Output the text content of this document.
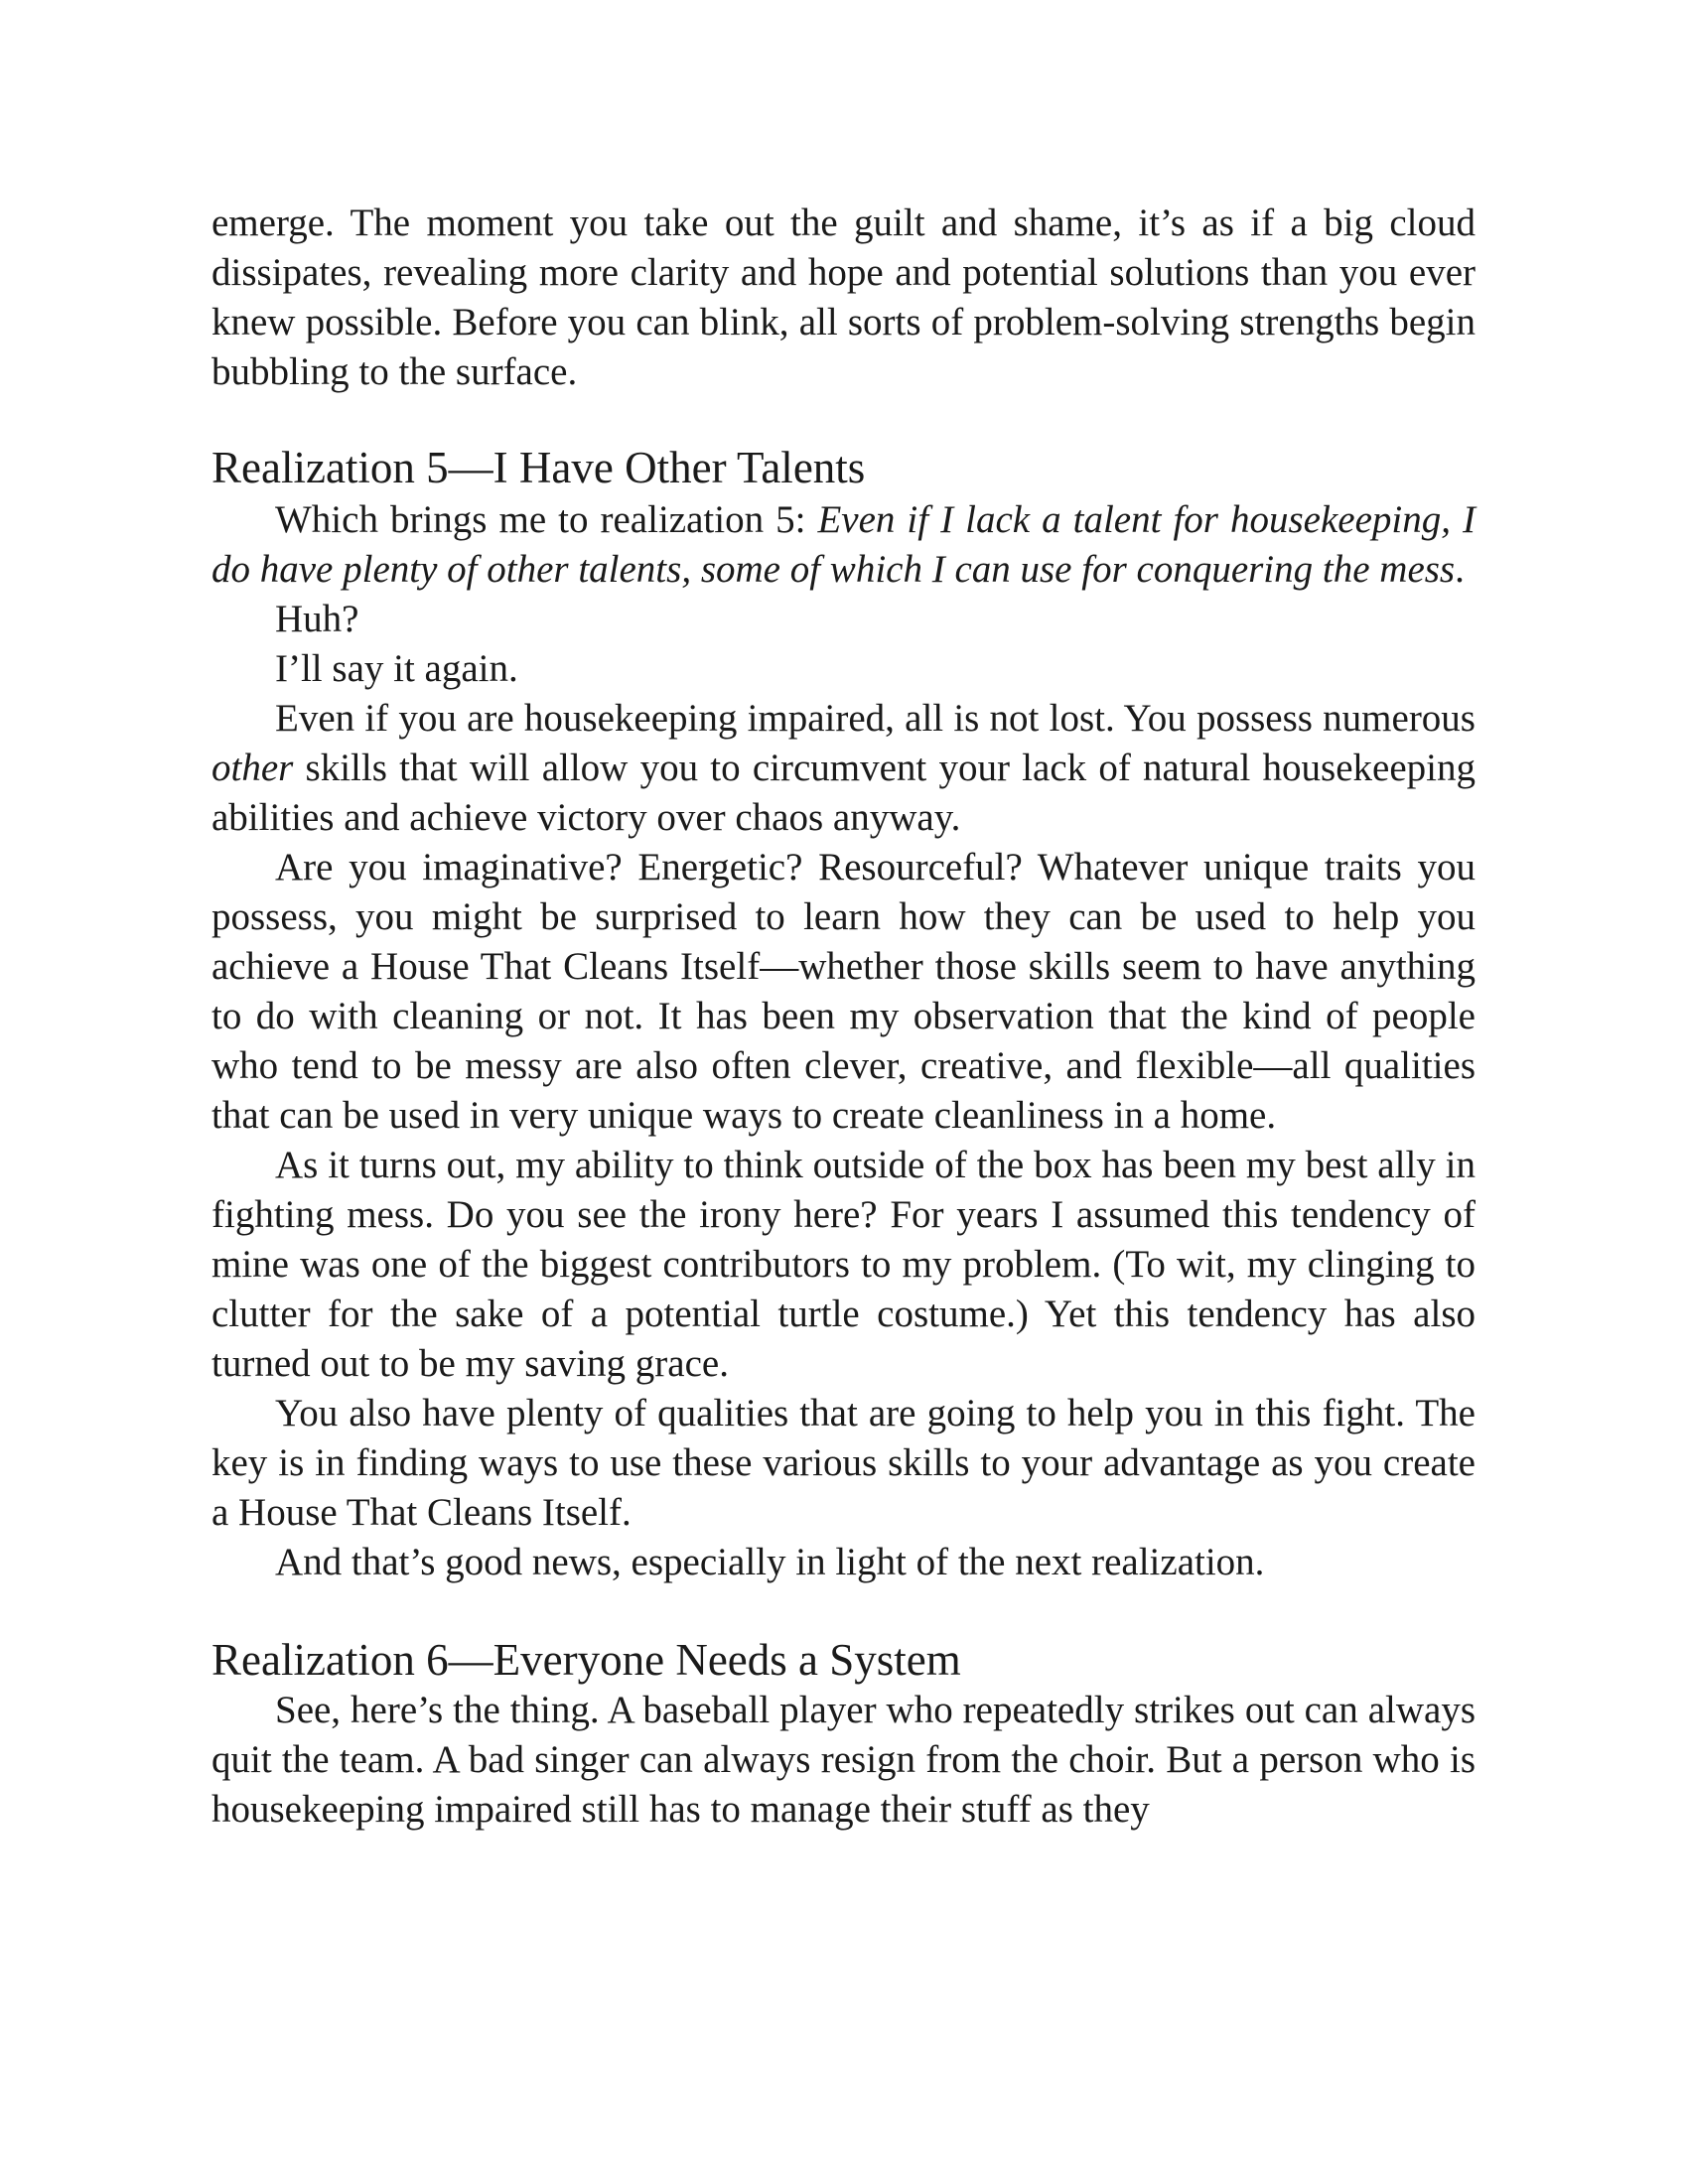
emerge. The moment you take out the guilt and shame, it’s as if a big cloud dissipates, revealing more clarity and hope and potential solutions than you ever knew possible. Before you can blink, all sorts of problem-solving strengths begin bubbling to the surface.

Realization 5—I Have Other Talents

Which brings me to realization 5: Even if I lack a talent for housekeeping, I do have plenty of other talents, some of which I can use for conquering the mess.

Huh?

I’ll say it again.

Even if you are housekeeping impaired, all is not lost. You possess numerous other skills that will allow you to circumvent your lack of natural housekeeping abilities and achieve victory over chaos anyway.

Are you imaginative? Energetic? Resourceful? Whatever unique traits you possess, you might be surprised to learn how they can be used to help you achieve a House That Cleans Itself—whether those skills seem to have anything to do with cleaning or not. It has been my observation that the kind of people who tend to be messy are also often clever, creative, and flexible—all qualities that can be used in very unique ways to create cleanliness in a home.

As it turns out, my ability to think outside of the box has been my best ally in fighting mess. Do you see the irony here? For years I assumed this tendency of mine was one of the biggest contributors to my problem. (To wit, my clinging to clutter for the sake of a potential turtle costume.) Yet this tendency has also turned out to be my saving grace.

You also have plenty of qualities that are going to help you in this fight. The key is in finding ways to use these various skills to your advantage as you create a House That Cleans Itself.

And that’s good news, especially in light of the next realization.

Realization 6—Everyone Needs a System

See, here’s the thing. A baseball player who repeatedly strikes out can always quit the team. A bad singer can always resign from the choir. But a person who is housekeeping impaired still has to manage their stuff as they
